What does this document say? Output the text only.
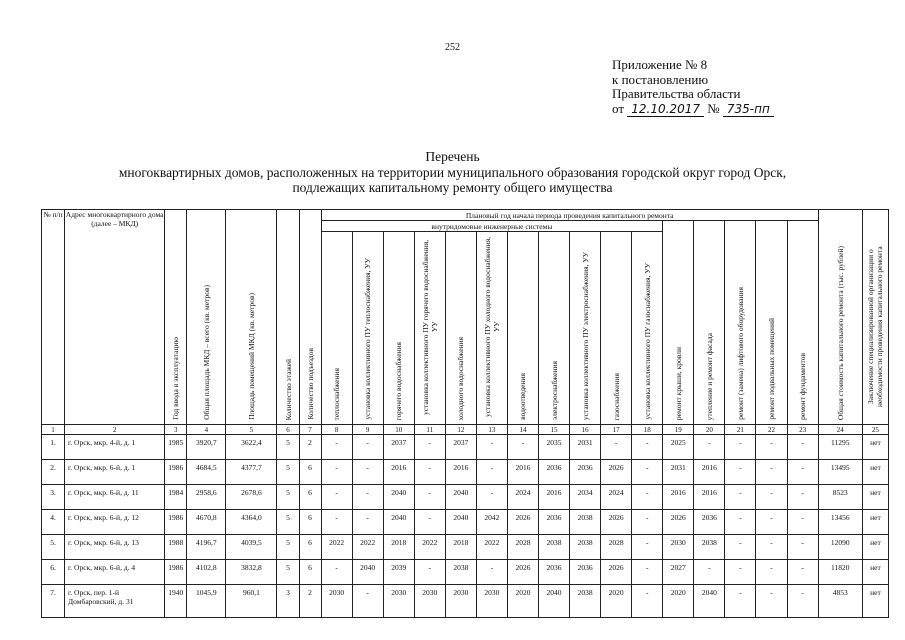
252
Приложение № 8
к постановлению
Правительства области
от 12.10.2017 № 735-пп
Перечень
многоквартирных домов, расположенных на территории муниципального образования городской округ город Орск,
подлежащих капитальному ремонту общего имущества
№ п/п	Адрес многоквартирного дома (далее – МКД)	Год ввода в эксплуатацию	Общая площадь МКД – всего (кв. метров)	Площадь помещений МКД (кв. метров)	Количество этажей	Количество подъездов	Плановый год начала периода проведения капитального ремонта																Общая стоимость капитального ремонта (тыс. рублей)	Заключение специализированной организации о необходимости проведения капитального ремонта
							внутридомовые инженерные системы											ремонт крыши, кровли	утепление и ремонт фасада	ремонт (замена) лифтового оборудования	ремонт подвальных помещений	ремонт фундаментов		
							теплоснабжения	установка коллективного ПУ теплоснабжения, УУ	горячего водоснабжения	установка коллективного ПУ горячего водоснабжения, УУ	холодного водоснабжения	установка коллективного ПУ холодного водоснабжения, УУ	водоотведения	электроснабжения	установка коллективного ПУ электроснабжения, УУ	газоснабжения	установка коллективного ПУ газоснабжения, УУ							
1	2	3	4	5	6	7	8	9	10	11	12	13	14	15	16	17	18	19	20	21	22	23	24	25
1.	г. Орск, мкр. 4-й, д. 1	1985	3920,7	3622,4	5	2	-	-	2037	-	2037	-	-	2035	2031	-	-	2025	-	-	-	-	11295	нет
2.	г. Орск, мкр. 6-й, д. 1	1986	4684,5	4377,7	5	6	-	-	2016	-	2016	-	2016	2036	2036	2026	-	2031	2016	-	-	-	13495	нет
3.	г. Орск, мкр. 6-й, д. 11	1984	2958,6	2678,6	5	6	-	-	2040	-	2040	-	2024	2016	2034	2024	-	2016	2016	-	-	-	8523	нет
4.	г. Орск, мкр. 6-й, д. 12	1986	4670,8	4364,0	5	6	-	-	2040	-	2040	2042	2026	2036	2038	2026	-	2026	2036	-	-	-	13456	нет
5.	г. Орск, мкр. 6-й, д. 13	1988	4196,7	4039,5	5	6	2022	2022	2018	2022	2018	2022	2028	2038	2038	2028	-	2030	2038	-	-	-	12090	нет
6.	г. Орск, мкр. 6-й, д. 4	1986	4102,8	3832,8	5	6	-	2040	2039	-	2038	-	2026	2036	2036	2026	-	2027	-	-	-	-	11820	нет
7.	г. Орск, пер. 1-й Домбаровский, д. 31	1940	1045,9	960,1	3	2	2030	-	2030	2030	2030	2030	2020	2040	2038	2020	-	2020	2040	-	-	-	4853	нет
